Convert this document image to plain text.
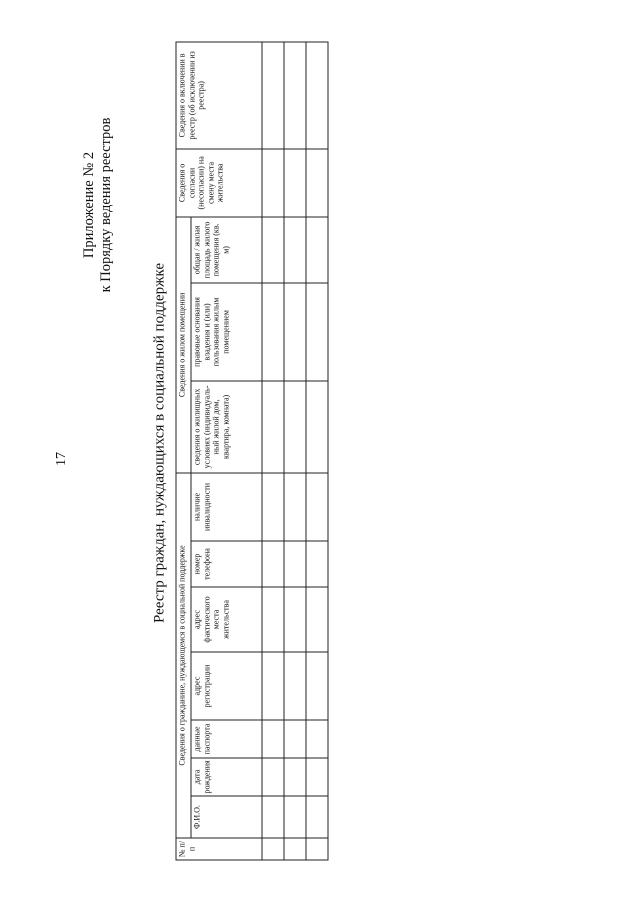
17
Приложение № 2 к Порядку ведения реестров
Реестр граждан, нуждающихся в социальной поддержке
№ п/п	Сведения о гражданине, нуждающемся в социальной поддержке							Сведения о жилом помещении			Сведения о согласии (несогласии) на смену места жительства	Сведения о включении в реестр (об исключении из реестра)
	Ф.И.О.	дата рождения	данные паспорта	адрес регистрации	адрес фактического места жительства	номер телефона	наличие инвалидности	сведения о жилищных условиях (индивидуаль-ный жилой дом, квартира, комната)	правовые основания владения и (или) пользования жилым помещением	общая / жилая площадь жилого помещения (кв. м)		
